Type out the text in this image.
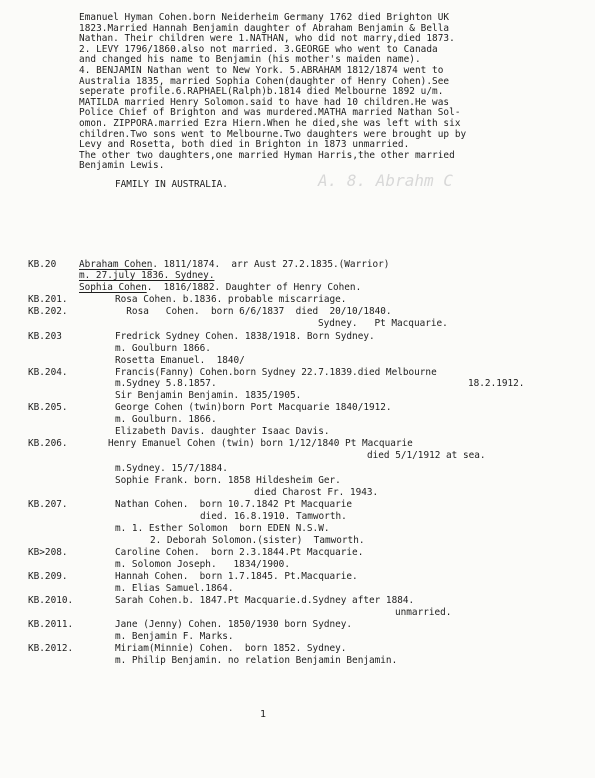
Emanuel Hyman Cohen.born Neiderheim Germany 1762 died Brighton UK
1823.Married Hannah Benjamin daughter of Abraham Benjamin & Bella
Nathan. Their children were 1.NATHAN, who did not marry,died 1873.
2. LEVY 1796/1860.also not married. 3.GEORGE who went to Canada
and changed his name to Benjamin (his mother's maiden name).
4. BENJAMIN Nathan went to New York. 5.ABRAHAM 1812/1874 went to
Australia 1835, married Sophia Cohen(daughter of Henry Cohen).See
seperate profile.6.RAPHAEL(Ralph)b.1814 died Melbourne 1892 u/m.
MATILDA married Henry Solomon.said to have had 10 children.He was
Police Chief of Brighton and was murdered.MATHA married Nathan Sol-
omon. ZIPPORA.married Ezra Hiern.When he died,she was left with six
children.Two sons went to Melbourne.Two daughters were brought up by
Levy and Rosetta, both died in Brighton in 1873 unmarried.
The other two daughters,one married Hyman Harris,the other married
Benjamin Lewis.
FAMILY IN AUSTRALIA.	A. 8. Abrahm C
KB.20 Abraham Cohen. 1811/1874.  arr Aust 27.2.1835.(Warrior)
m. 27.july 1836. Sydney.
Sophia Cohen.  1816/1882. Daughter of Henry Cohen.
KB.201.	Rosa Cohen. b.1836. probable miscarriage.
KB.202.	Rosa   Cohen.  born 6/6/1837  died  20/10/1840.
Sydney.   Pt Macquarie.
KB.203	Fredrick Sydney Cohen. 1838/1918. Born Sydney.
m. Goulburn 1866.
Rosetta Emanuel.  1840/
KB.204.	Francis(Fanny) Cohen.born Sydney 22.7.1839.died Melbourne
m.Sydney 5.8.1857.	18.2.1912.
Sir Benjamin Benjamin. 1835/1905.
KB.205.	George Cohen (twin)born Port Macquarie 1840/1912.
m. Goulburn. 1866.
Elizabeth Davis. daughter Isaac Davis.
KB.206.	Henry Emanuel Cohen (twin) born 1/12/1840 Pt Macquarie
died 5/1/1912 at sea.
m.Sydney. 15/7/1884.
Sophie Frank. born. 1858 Hildesheim Ger.
died Charost Fr. 1943.
KB.207.	Nathan Cohen.  born 10.7.1842 Pt Macquarie
died. 16.8.1910. Tamworth.
m. 1. Esther Solomon  born EDEN N.S.W.
2. Deborah Solomon.(sister)  Tamworth.
KB>208.	Caroline Cohen.  born 2.3.1844.Pt Macquarie.
m. Solomon Joseph.   1834/1900.
KB.209.	Hannah Cohen.  born 1.7.1845. Pt.Macquarie.
m. Elias Samuel.1864.
KB.2010.	Sarah Cohen.b. 1847.Pt Macquarie.d.Sydney after 1884.
unmarried.
KB.2011.	Jane (Jenny) Cohen. 1850/1930 born Sydney.
m. Benjamin F. Marks.
KB.2012.	Miriam(Minnie) Cohen.  born 1852. Sydney.
m. Philip Benjamin. no relation Benjamin Benjamin.
1
